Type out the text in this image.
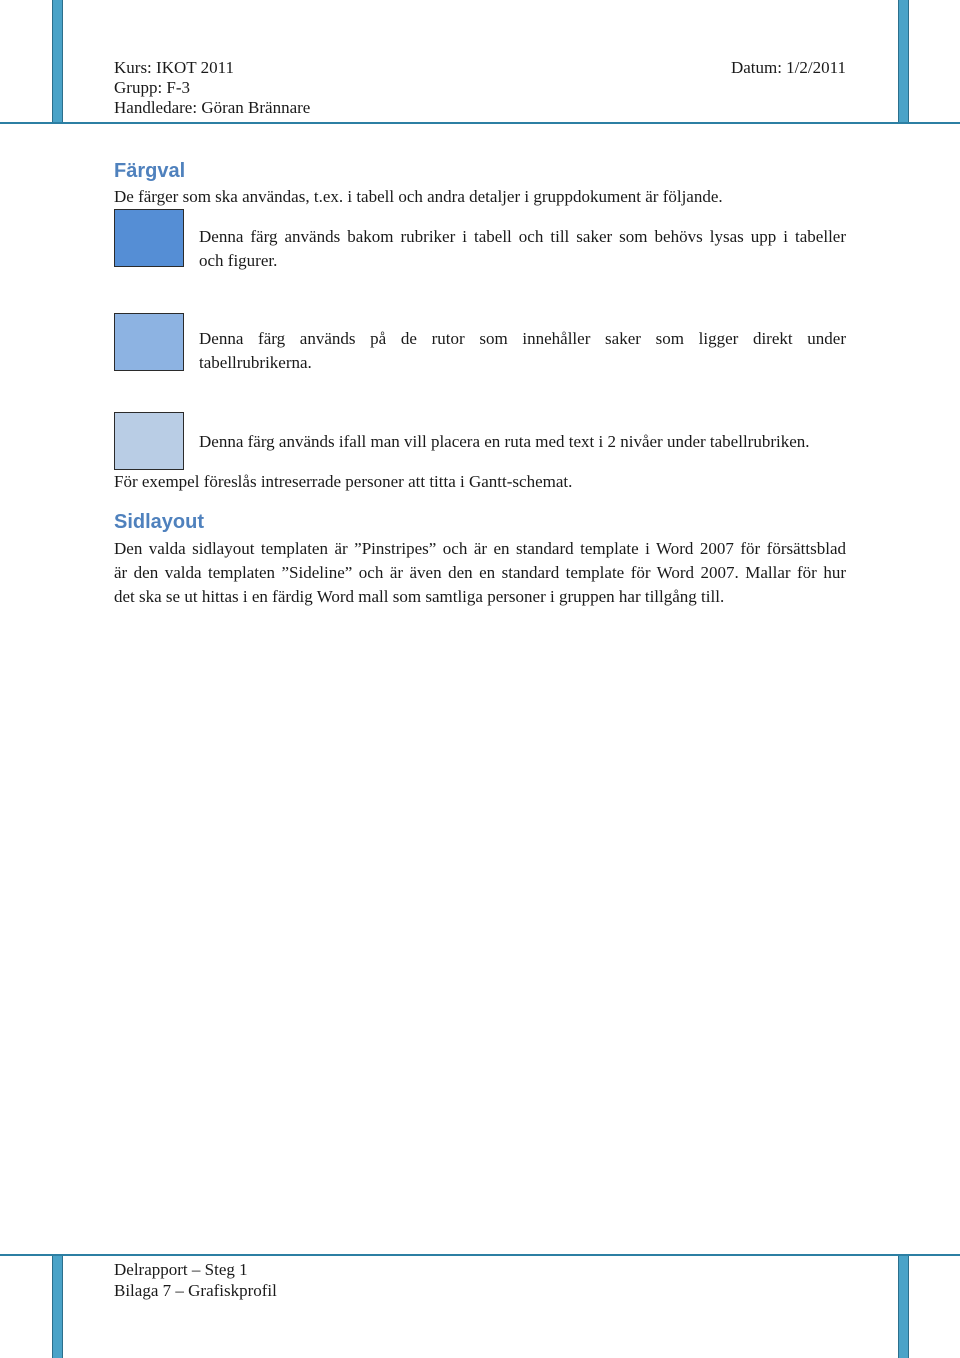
Kurs: IKOT 2011	Datum: 1/2/2011
Grupp: F-3
Handledare: Göran Brännare
Färgval
De färger som ska användas, t.ex. i tabell och andra detaljer i gruppdokument är följande.
Denna färg används bakom rubriker i tabell och till saker som behövs lysas upp i tabeller
och figurer.
Denna färg används på de rutor som innehåller saker som ligger direkt under
tabellrubrikerna.
Denna färg används ifall man vill placera en ruta med text i 2 nivåer under tabellrubriken.
För exempel föreslås intreserrade personer att titta i Gantt-schemat.
Sidlayout
Den valda sidlayout templaten är ”Pinstripes” och är en standard template i Word 2007 för försättsblad
är den valda templaten ”Sideline” och är även den en standard template för Word 2007. Mallar för hur
det ska se ut hittas i en färdig Word mall som samtliga personer i gruppen har tillgång till.
Delrapport – Steg 1
Bilaga 7 – Grafiskprofil
